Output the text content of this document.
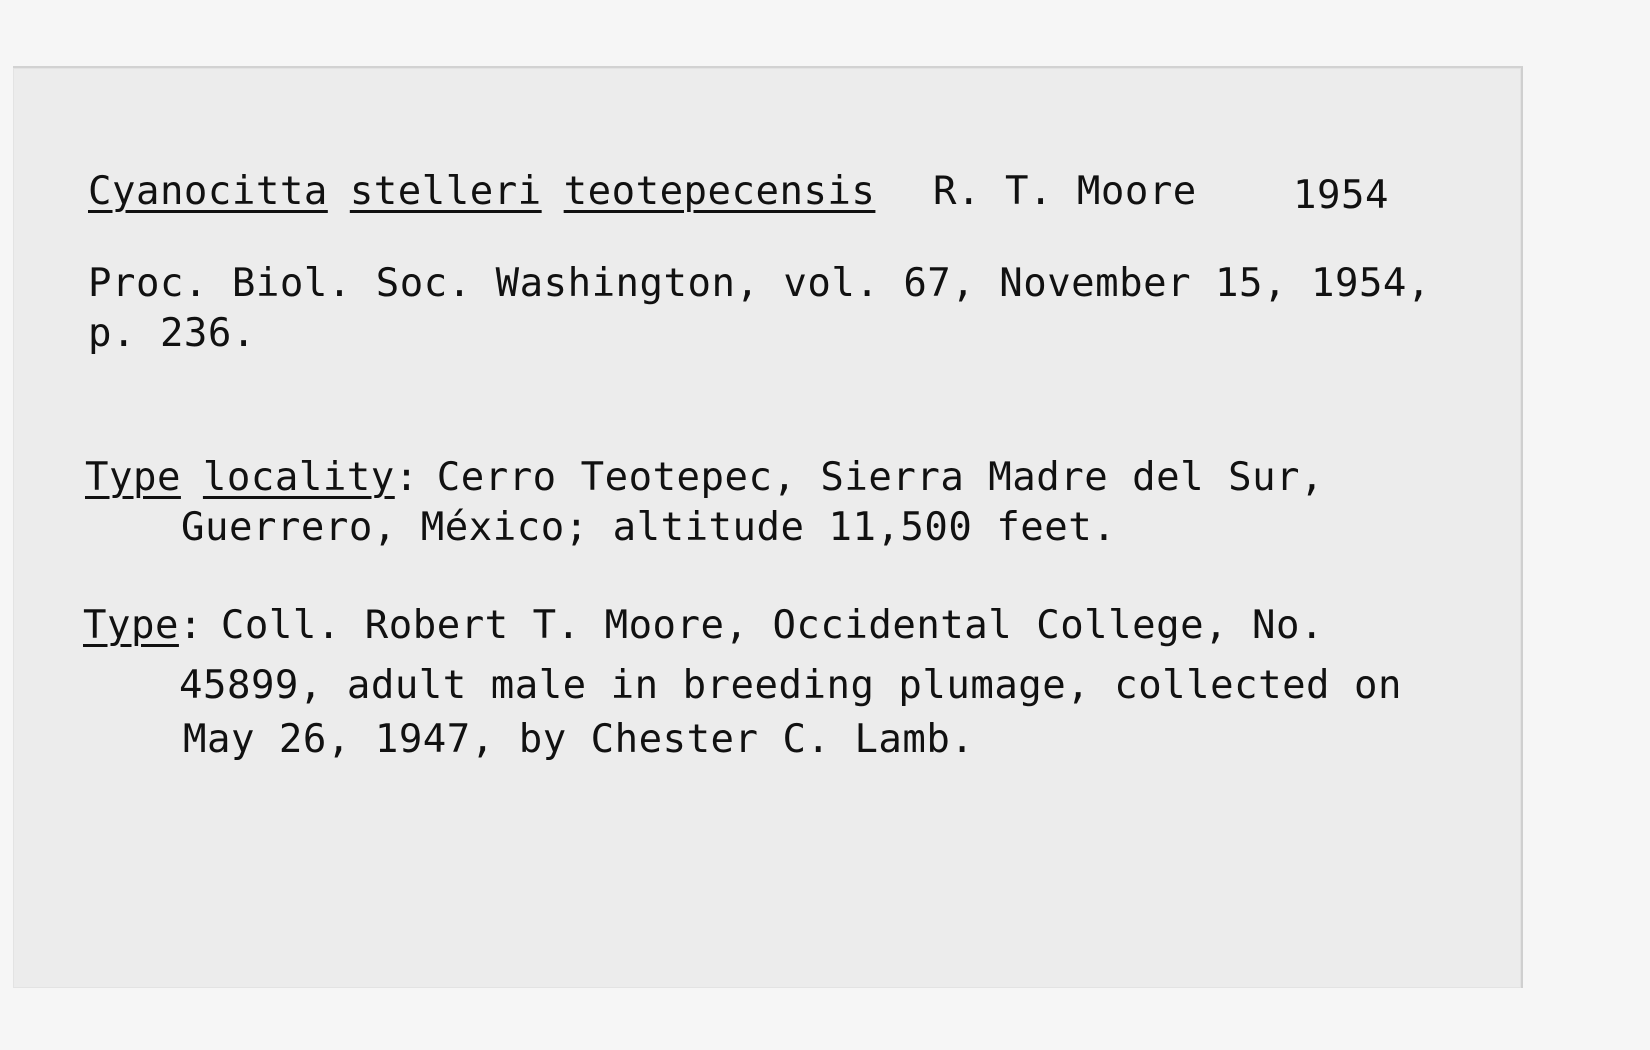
Cyanocitta stelleri teotepecensis R. T. Moore 1954
Proc. Biol. Soc. Washington, vol. 67, November 15, 1954,
p. 236.
Type locality: Cerro Teotepec, Sierra Madre del Sur,
Guerrero, México; altitude 11,500 feet.
Type: Coll. Robert T. Moore, Occidental College, No.
45899, adult male in breeding plumage, collected on
May 26, 1947, by Chester C. Lamb.
